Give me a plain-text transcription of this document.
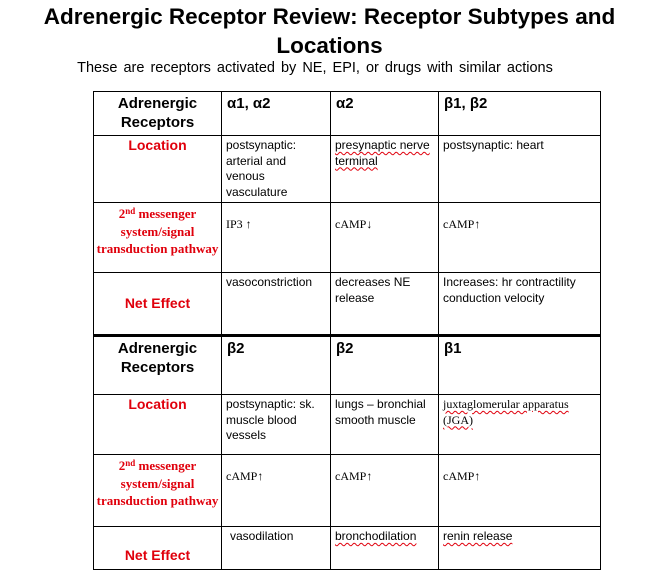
Adrenergic Receptor Review: Receptor Subtypes and
Locations
These are receptors activated by NE, EPI, or drugs with similar actions
Adrenergic Receptors	α1, α2	α2	β1, β2
Location	postsynaptic: arterial and venous vasculature	presynaptic nerve terminal	postsynaptic: heart
2nd messenger system/signal transduction pathway	IP3 ↑	cAMP↓	cAMP↑
Net Effect	vasoconstriction	decreases NE release	Increases: hr contractility conduction velocity
Adrenergic Receptors	β2	β2	β1
Location	postsynaptic: sk. muscle blood vessels	lungs – bronchial smooth muscle	juxtaglomerular apparatus (JGA)
2nd messenger system/signal transduction pathway	cAMP↑	cAMP↑	cAMP↑
Net Effect	vasodilation	bronchodilation	renin release
